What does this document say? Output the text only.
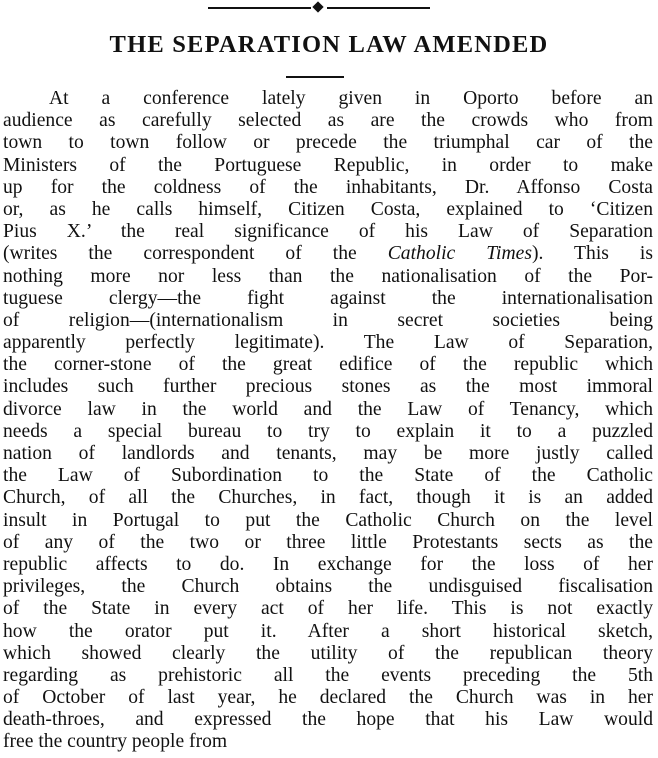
THE SEPARATION LAW AMENDED
At a conference lately given in Oporto before an
audience as carefully selected as are the crowds who from
town to town follow or precede the triumphal car of the
Ministers of the Portuguese Republic, in order to make
up for the coldness of the inhabitants, Dr. Affonso Costa
or, as he calls himself, Citizen Costa, explained to ‘Citizen
Pius X.’ the real significance of his Law of Separation
(writes the correspondent of the Catholic Times). This is
nothing more nor less than the nationalisation of the Por-
tuguese clergy—the fight against the internationalisation
of religion—(internationalism in secret societies being
apparently perfectly legitimate). The Law of Separation,
the corner-stone of the great edifice of the republic which
includes such further precious stones as the most immoral
divorce law in the world and the Law of Tenancy, which
needs a special bureau to try to explain it to a puzzled
nation of landlords and tenants, may be more justly called
the Law of Subordination to the State of the Catholic
Church, of all the Churches, in fact, though it is an added
insult in Portugal to put the Catholic Church on the level
of any of the two or three little Protestants sects as the
republic affects to do. In exchange for the loss of her
privileges, the Church obtains the undisguised fiscalisation
of the State in every act of her life. This is not exactly
how the orator put it. After a short historical sketch,
which showed clearly the utility of the republican theory
regarding as prehistoric all the events preceding the 5th
of October of last year, he declared the Church was in her
death-throes, and expressed the hope that his Law would
free the country people from
